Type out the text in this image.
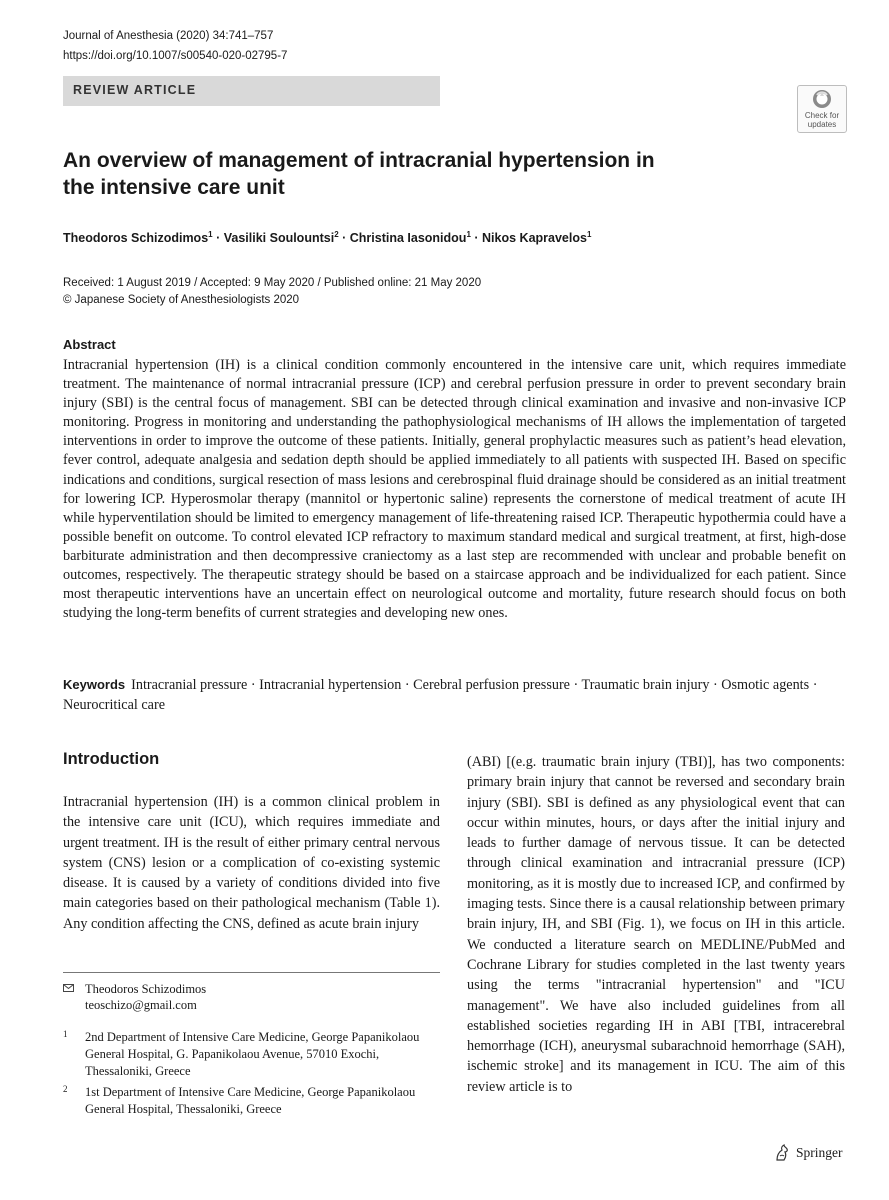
Journal of Anesthesia (2020) 34:741–757
https://doi.org/10.1007/s00540-020-02795-7
REVIEW ARTICLE
Check for updates
An overview of management of intracranial hypertension in the intensive care unit
Theodoros Schizodimos$^1$ · Vasiliki Soulountsi$^2$ · Christina Iasonidou$^1$ · Nikos Kapravelos$^1$
Received: 1 August 2019 / Accepted: 9 May 2020 / Published online: 21 May 2020
© Japanese Society of Anesthesiologists 2020
Abstract
Intracranial hypertension (IH) is a clinical condition commonly encountered in the intensive care unit, which requires immediate treatment. The maintenance of normal intracranial pressure (ICP) and cerebral perfusion pressure in order to prevent secondary brain injury (SBI) is the central focus of management. SBI can be detected through clinical examination and invasive and non-invasive ICP monitoring. Progress in monitoring and understanding the pathophysiological mechanisms of IH allows the implementation of targeted interventions in order to improve the outcome of these patients. Initially, general prophylactic measures such as patient’s head elevation, fever control, adequate analgesia and sedation depth should be applied immediately to all patients with suspected IH. Based on specific indications and conditions, surgical resection of mass lesions and cerebrospinal fluid drainage should be considered as an initial treatment for lowering ICP. Hyperosmolar therapy (mannitol or hypertonic saline) represents the cornerstone of medical treatment of acute IH while hyperventilation should be limited to emergency management of life-threatening raised ICP. Therapeutic hypothermia could have a possible benefit on outcome. To control elevated ICP refractory to maximum standard medical and surgical treatment, at first, high-dose barbiturate administration and then decompressive craniectomy as a last step are recommended with unclear and probable benefit on outcomes, respectively. The therapeutic strategy should be based on a staircase approach and be individualized for each patient. Since most therapeutic interventions have an uncertain effect on neurological outcome and mortality, future research should focus on both studying the long-term benefits of current strategies and developing new ones.
Keywords Intracranial pressure · Intracranial hypertension · Cerebral perfusion pressure · Traumatic brain injury · Osmotic agents · Neurocritical care
Introduction
Intracranial hypertension (IH) is a common clinical problem in the intensive care unit (ICU), which requires immediate and urgent treatment. IH is the result of either primary central nervous system (CNS) lesion or a complication of co-existing systemic disease. It is caused by a variety of conditions divided into five main categories based on their pathological mechanism (Table 1). Any condition affecting the CNS, defined as acute brain injury
(ABI) [(e.g. traumatic brain injury (TBI)], has two components: primary brain injury that cannot be reversed and secondary brain injury (SBI). SBI is defined as any physiological event that can occur within minutes, hours, or days after the initial injury and leads to further damage of nervous tissue. It can be detected through clinical examination and intracranial pressure (ICP) monitoring, as it is mostly due to increased ICP, and confirmed by imaging tests. Since there is a causal relationship between primary brain injury, IH, and SBI (Fig. 1), we focus on IH in this article. We conducted a literature search on MEDLINE/PubMed and Cochrane Library for studies completed in the last twenty years using the terms "intracranial hypertension" and "ICU management". We have also included guidelines from all established societies regarding IH in ABI [TBI, intracerebral hemorrhage (ICH), aneurysmal subarachnoid hemorrhage (SAH), ischemic stroke] and its management in ICU. The aim of this review article is to
Theodoros Schizodimos
teoschizo@gmail.com
1 2nd Department of Intensive Care Medicine, George Papanikolaou General Hospital, G. Papanikolaou Avenue, 57010 Exochi, Thessaloniki, Greece
2 1st Department of Intensive Care Medicine, George Papanikolaou General Hospital, Thessaloniki, Greece
Springer
